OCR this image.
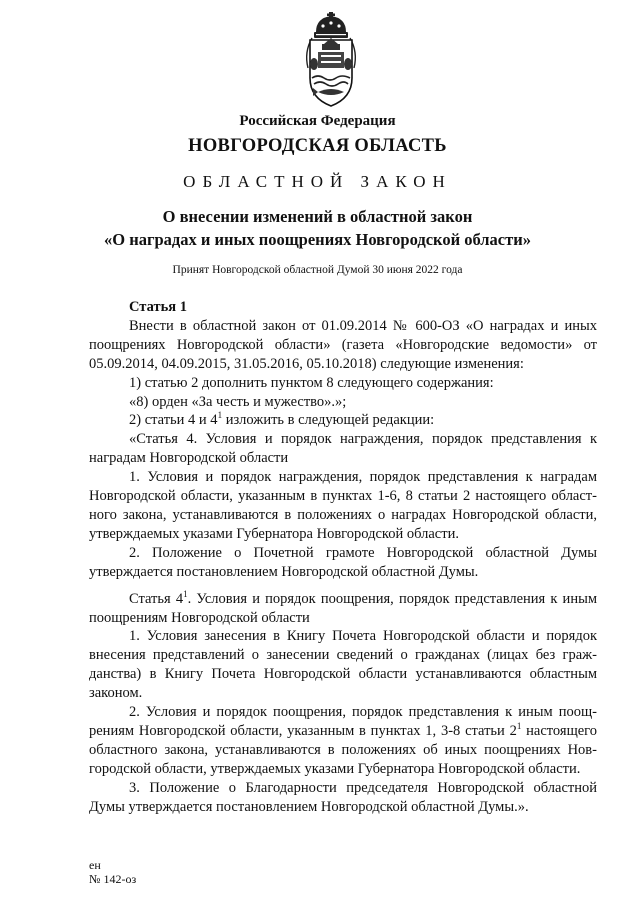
Российская Федерация
НОВГОРОДСКАЯ ОБЛАСТЬ
ОБЛАСТНОЙ ЗАКОН
О внесении изменений в областной закон
«О наградах и иных поощрениях Новгородской области»
Принят Новгородской областной Думой 30 июня 2022 года

Статья 1

Внести в областной закон от 01.09.2014 № 600-ОЗ «О наградах и иных поощрениях Новгородской области» (газета «Новгородские ведомости» от 05.09.2014, 04.09.2015, 31.05.2016, 05.10.2018) следующие изменения:

1) статью 2 дополнить пунктом 8 следующего содержания:

«8) орден «За честь и мужество».»;

2) статьи 4 и $4^1$ изложить в следующей редакции:

«Статья 4. Условия и порядок награждения, порядок представления к наградам Новгородской области

1. Условия и порядок награждения, порядок представления к наградам Новгородской области, указанным в пунктах 1-6, 8 статьи 2 настоящего областного закона, устанавливаются в положениях о наградах Новгородской области, утверждаемых указами Губернатора Новгородской области.

2. Положение о Почетной грамоте Новгородской областной Думы утверждается постановлением Новгородской областной Думы.

Статья $4^1$. Условия и порядок поощрения, порядок представления к иным поощрениям Новгородской области

1. Условия занесения в Книгу Почета Новгородской области и порядок внесения представлений о занесении сведений о гражданах (лицах без гражданства) в Книгу Почета Новгородской области устанавливаются областным законом.

2. Условия и порядок поощрения, порядок представления к иным поощрениям Новгородской области, указанным в пунктах 1, 3-8 статьи $2^1$ настоящего областного закона, устанавливаются в положениях об иных поощрениях Новгородской области, утверждаемых указами Губернатора Новгородской области.

3. Положение о Благодарности председателя Новгородской областной Думы утверждается постановлением Новгородской областной Думы.».

ен
№ 142-оз
